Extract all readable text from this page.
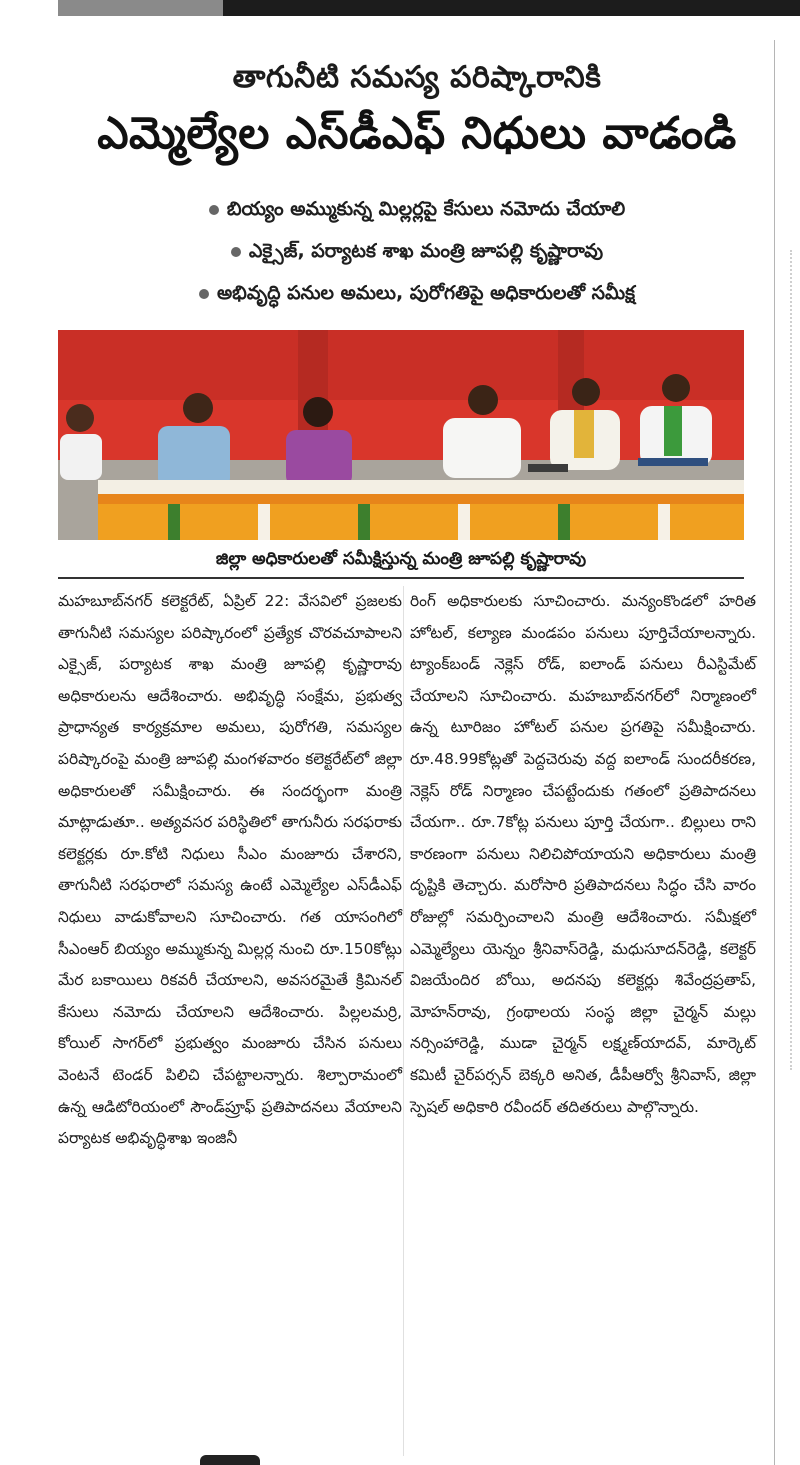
తాగునీటి సమస్య పరిష్కారానికి
ఎమ్మెల్యేల ఎస్‌డీఎఫ్ నిధులు వాడండి
బియ్యం అమ్ముకున్న మిల్లర్లపై కేసులు నమోదు చేయాలి
ఎక్సైజ్, పర్యాటక శాఖ మంత్రి జూపల్లి కృష్ణారావు
అభివృద్ధి పనుల అమలు, పురోగతిపై అధికారులతో సమీక్ష
జిల్లా అధికారులతో సమీక్షిస్తున్న మంత్రి జూపల్లి కృష్ణారావు

మహబూబ్‌నగర్ కలెక్టరేట్, ఏప్రిల్ 22: వేసవిలో ప్రజలకు తాగునీటి సమస్యల పరిష్కారంలో ప్రత్యేక చొరవచూపాలని ఎక్సైజ్, పర్యాటక శాఖ మంత్రి జూపల్లి కృష్ణారావు అధికారులను ఆదేశించారు. అభివృద్ధి సంక్షేమ, ప్రభుత్వ ప్రాధాన్యత కార్యక్రమాల అమలు, పురోగతి, సమస్యల పరిష్కారంపై మంత్రి జూపల్లి మంగళవారం కలెక్టరేట్‌లో జిల్లా అధికారులతో సమీక్షించారు. ఈ సందర్భంగా మంత్రి మాట్లాడుతూ.. అత్యవసర పరిస్థితిలో తాగునీరు సరఫరాకు కలెక్టర్లకు రూ.కోటి నిధులు సీఎం మంజూరు చేశారని, తాగునీటి సరఫరాలో సమస్య ఉంటే ఎమ్మెల్యేల ఎస్‌డీఎఫ్ నిధులు వాడుకోవాలని సూచించారు. గత యాసంగిలో సీఎంఆర్ బియ్యం అమ్ముకున్న మిల్లర్ల నుంచి రూ.150కోట్లు మేర బకాయిలు రికవరీ చేయాలని, అవసరమైతే క్రిమినల్ కేసులు నమోదు చేయాలని ఆదేశించారు. పిల్లలమర్రి, కోయిల్ సాగర్‌లో ప్రభుత్వం మంజూరు చేసిన పనులు వెంటనే టెండర్ పిలిచి చేపట్టాలన్నారు. శిల్పారామంలో ఉన్న ఆడిటోరియంలో సౌండ్‌ప్రూఫ్ ప్రతిపాదనలు వేయాలని పర్యాటక అభివృద్ధిశాఖ ఇంజినీ

రింగ్ అధికారులకు సూచించారు. మన్యంకొండలో హరిత హోటల్, కల్యాణ మండపం పనులు పూర్తిచేయాలన్నారు. ట్యాంక్‌బండ్ నెక్లెస్ రోడ్, ఐలాండ్ పనులు రీఎస్టిమేట్ చేయాలని సూచించారు. మహబూబ్‌నగర్‌లో నిర్మాణంలో ఉన్న టూరిజం హోటల్ పనుల ప్రగతిపై సమీక్షించారు. రూ.48.99కోట్లతో పెద్దచెరువు వద్ద ఐలాండ్ సుందరీకరణ, నెక్లెస్ రోడ్ నిర్మాణం చేపట్టేందుకు గతంలో ప్రతిపాదనలు చేయగా.. రూ.7కోట్ల పనులు పూర్తి చేయగా.. బిల్లులు రాని కారణంగా పనులు నిలిచిపోయాయని అధికారులు మంత్రి దృష్టికి తెచ్చారు. మరోసారి ప్రతిపాదనలు సిద్ధం చేసి వారం రోజుల్లో సమర్పించాలని మంత్రి ఆదేశించారు. సమీక్షలో ఎమ్మెల్యేలు యెన్నం శ్రీనివాస్‌రెడ్డి, మధుసూదన్‌రెడ్డి, కలెక్టర్ విజయేందిర బోయి, అదనపు కలెక్టర్లు శివేంద్రప్రతాప్, మోహన్‌రావు, గ్రంథాలయ సంస్థ జిల్లా చైర్మన్ మల్లు నర్సింహారెడ్డి, ముడా చైర్మన్ లక్ష్మణ్‌యాదవ్, మార్కెట్ కమిటీ చైర్‌పర్సన్ బెక్కరి అనిత, డీపీఆర్వో శ్రీనివాస్, జిల్లా స్పెషల్ అధికారి రవీందర్ తదితరులు పాల్గొన్నారు.
